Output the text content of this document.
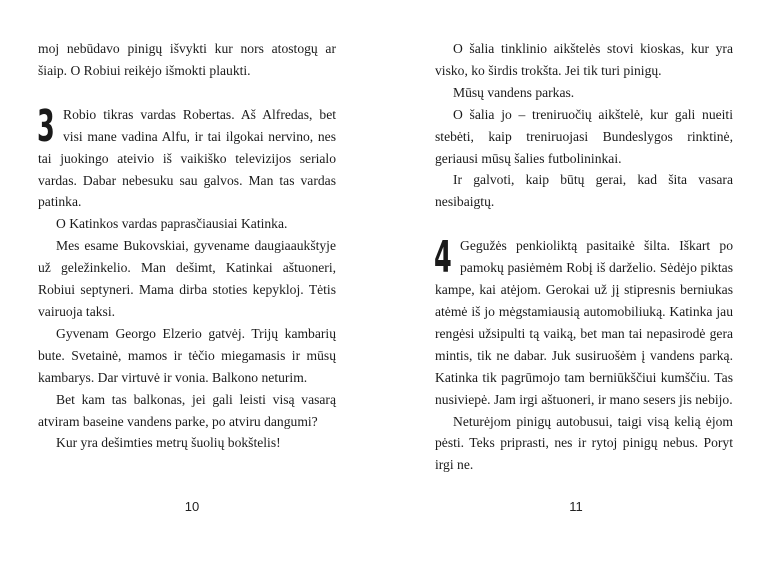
moj nebūdavo pinigų išvykti kur nors atostogų ar šiaip. O Robiui reikėjo išmokti plaukti.

3 Robio tikras vardas Robertas. Aš Alfredas, bet visi mane vadina Alfu, ir tai ilgokai nervino, nes tai juokingo ateivio iš vaikiško televizijos serialo vardas. Dabar nebesuku sau galvos. Man tas vardas patinka.

O Katinkos vardas paprasčiausiai Katinka.

Mes esame Bukovskiai, gyvename daugiaaukštyje už geležinkelio. Man dešimt, Katinkai aštuoneri, Robiui septyneri. Mama dirba stoties kepykloj. Tėtis vairuoja taksi.

Gyvenam Georgo Elzerio gatvėj. Trijų kambarių bute. Svetainė, mamos ir tėčio miegamasis ir mūsų kambarys. Dar virtuvė ir vonia. Balkono neturim.

Bet kam tas balkonas, jei gali leisti visą vasarą atviram baseine vandens parke, po atviru dangumi?

Kur yra dešimties metrų šuolių bokštelis!

10

O šalia tinklinio aikštelės stovi kioskas, kur yra visko, ko širdis trokšta. Jei tik turi pinigų.

Mūsų vandens parkas.

O šalia jo – treniruočių aikštelė, kur gali nueiti stebėti, kaip treniruojasi Bundeslygos rinktinė, geriausi mūsų šalies futbolininkai.

Ir galvoti, kaip būtų gerai, kad šita vasara nesibaigtų.

4 Gegužės penkioliktą pasitaikė šilta. Iškart po pamokų pasiėmėm Robį iš darželio. Sėdėjo piktas kampe, kai atėjom. Gerokai už jį stipresnis berniukas atėmė iš jo mėgstamiausią automobiliuką. Katinka jau rengėsi užsipulti tą vaiką, bet man tai nepasirodė gera mintis, tik ne dabar. Juk susiruošėm į vandens parką. Katinka tik pagrūmojo tam berniūkščiui kumščiu. Tas nusiviepė. Jam irgi aštuoneri, ir mano sesers jis nebijo.

Neturėjom pinigų autobusui, taigi visą kelią ėjom pėsti. Teks priprasti, nes ir rytoj pinigų nebus. Poryt irgi ne.

11
